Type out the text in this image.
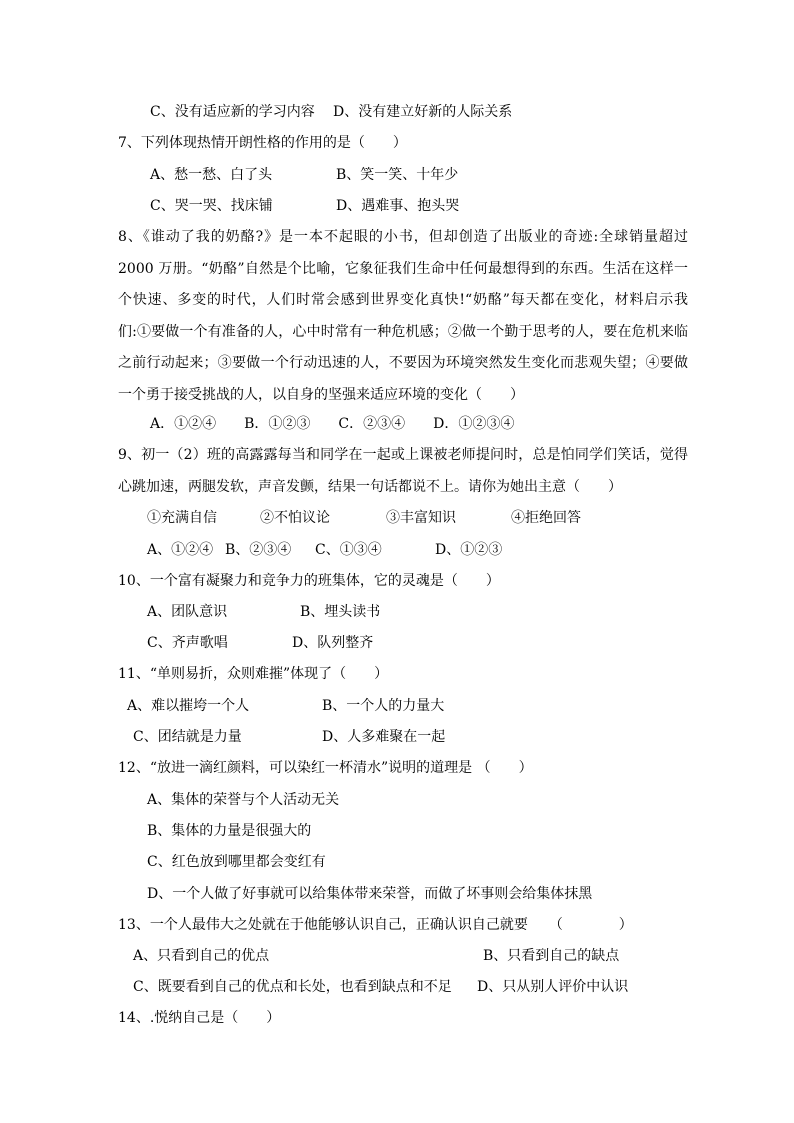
C、没有适应新的学习内容 D、没有建立好新的人际关系
7、下列体现热情开朗性格的作用的是（　　）
A、愁一愁、白了头	B、笑一笑、十年少
C、哭一哭、找床铺	D、遇难事、抱头哭
8、《谁动了我的奶酪?》是一本不起眼的小书，但却创造了出版业的奇迹:全球销量超过 2000 万册。“奶酪”自然是个比喻，它象征我们生命中任何最想得到的东西。生活在这样一个快速、多变的时代，人们时常会感到世界变化真快!“奶酪”每天都在变化，材料启示我们:①要做一个有准备的人，心中时常有一种危机感；②做一个勤于思考的人，要在危机来临之前行动起来；③要做一个行动迅速的人，不要因为环境突然发生变化而悲观失望；④要做一个勇于接受挑战的人，以自身的坚强来适应环境的变化（　　）
A．①②④　　B．①②③　　C．②③④　　D．①②③④
9、初一（2）班的高露露每当和同学在一起或上课被老师提问时，总是怕同学们笑话，觉得心跳加速，两腿发软，声音发颤，结果一句话都说不上。请你为她出主意（　　）
①充满自信	②不怕议论	③丰富知识	④拒绝回答
A、①②④ B、②③④ C、①③④	D、①②③
10、一个富有凝聚力和竞争力的班集体，它的灵魂是（　　）
A、团队意识	B、埋头读书
C、齐声歌唱	D、队列整齐
11、“单则易折，众则难摧”体现了（　　）
A、难以摧垮一个人	B、一个人的力量大
C、团结就是力量	D、人多难聚在一起
12、“放进一滴红颜料，可以染红一杯清水”说明的道理是 （　　）
A、集体的荣誉与个人活动无关
B、集体的力量是很强大的
C、红色放到哪里都会变红有
D、一个人做了好事就可以给集体带来荣誉，而做了坏事则会给集体抹黑
13、一个人最伟大之处就在于他能够认识自己，正确认识自己就要　　（　　　　）
A、只看到自己的优点	B、只看到自己的缺点
C、既要看到自己的优点和长处，也看到缺点和不足 D、只从别人评价中认识
14、.悦纳自己是（　　）
